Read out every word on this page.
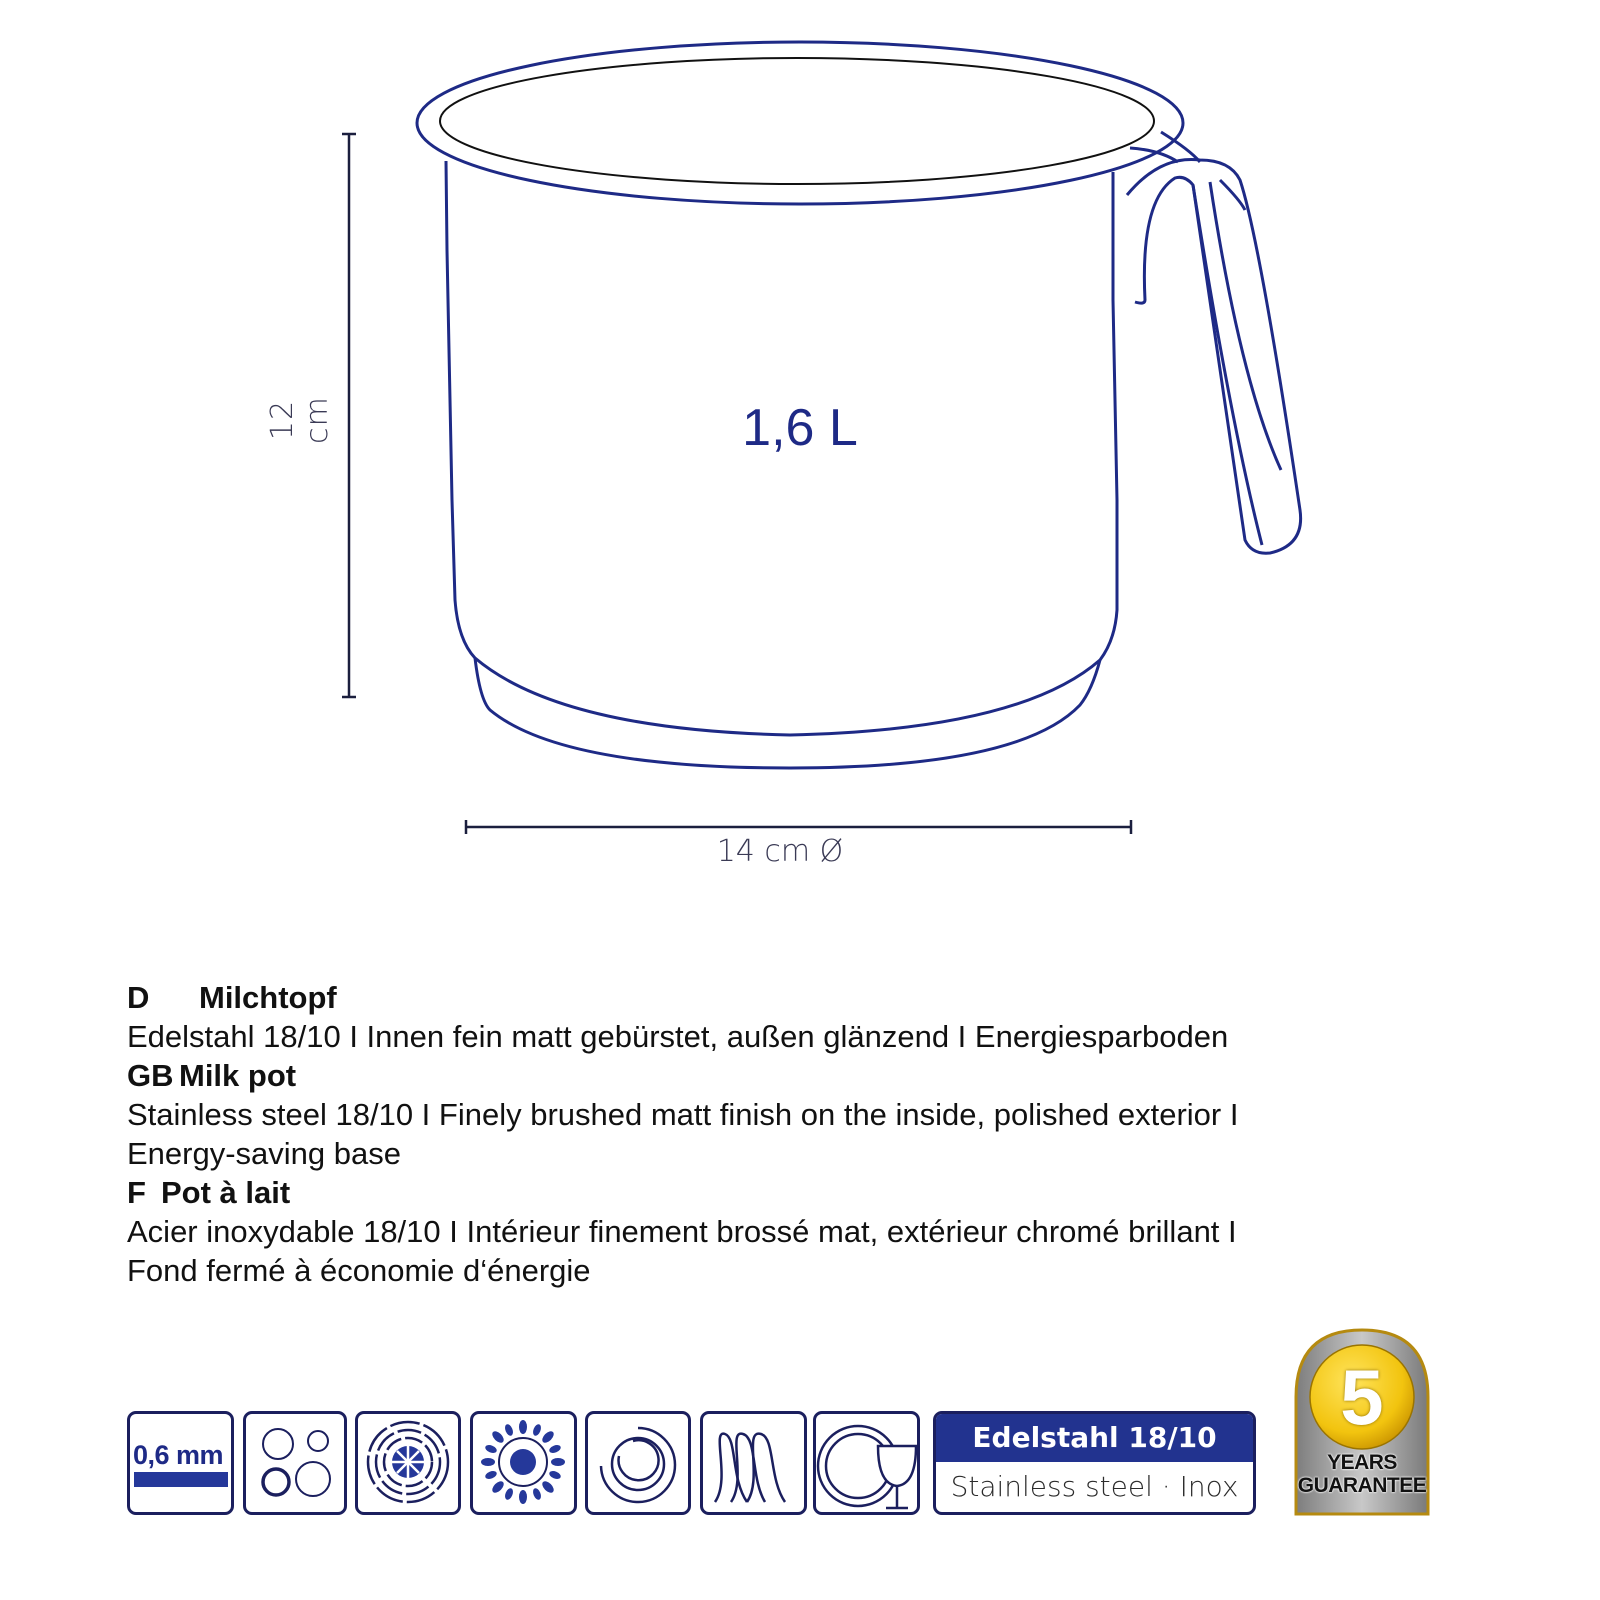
12 cm
14 cm Ø
1,6 L
D Milchtopf
Edelstahl 18/10 I Innen fein matt gebürstet, außen glänzend I Energiesparboden
GB Milk pot
Stainless steel 18/10 I Finely brushed matt finish on the inside, polished exterior I
Energy-saving base
F Pot à lait
Acier inoxydable 18/10 I Intérieur finement brossé mat, extérieur chromé brillant I
Fond fermé à économie d‘énergie
0,6 mm
Edelstahl 18/10
Stainless steel · Inox
5
YEARS
GUARANTEE
